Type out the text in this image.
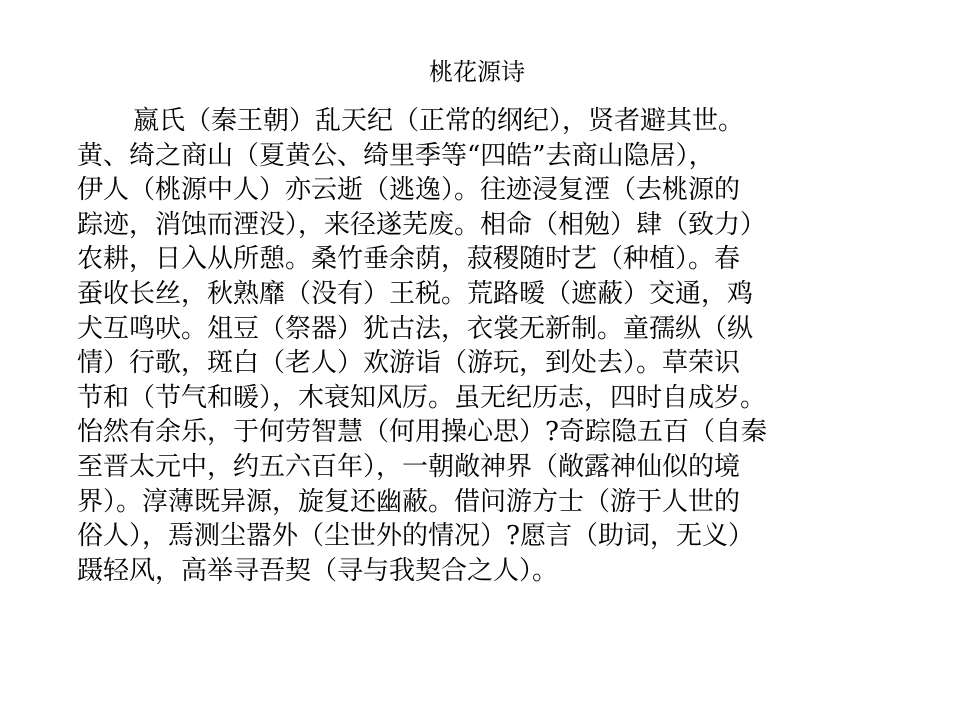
桃花源诗
嬴氏（秦王朝）乱天纪（正常的纲纪），贤者避其世。
黄、绮之商山（夏黄公、绮里季等“四皓”去商山隐居），
伊人（桃源中人）亦云逝（逃逸）。往迹浸复湮（去桃源的
踪迹，消蚀而湮没），来径遂芜废。相命（相勉）肆（致力）
农耕，日入从所憩。桑竹垂余荫，菽稷随时艺（种植）。春
蚕收长丝，秋熟靡（没有）王税。荒路暧（遮蔽）交通，鸡
犬互鸣吠。俎豆（祭器）犹古法，衣裳无新制。童孺纵（纵
情）行歌，斑白（老人）欢游诣（游玩，到处去）。草荣识
节和（节气和暖），木衰知风厉。虽无纪历志，四时自成岁。
怡然有余乐，于何劳智慧（何用操心思）?奇踪隐五百（自秦
至晋太元中，约五六百年），一朝敞神界（敞露神仙似的境
界）。淳薄既异源，旋复还幽蔽。借问游方士（游于人世的
俗人），焉测尘嚣外（尘世外的情况）?愿言（助词，无义）
蹑轻风，高举寻吾契（寻与我契合之人）。
